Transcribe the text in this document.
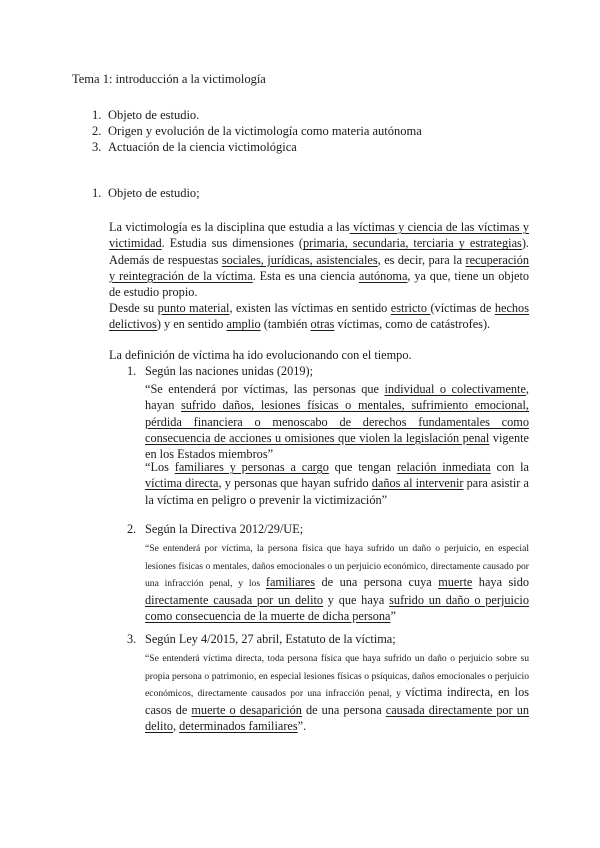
Tema 1: introducción a la victimología
1. Objeto de estudio.
2. Origen y evolución de la victimología como materia autónoma
3. Actuación de la ciencia victimológica
1. Objeto de estudio;
La victimología es la disciplina que estudia a las víctimas y ciencia de las víctimas y victimidad. Estudia sus dimensiones (primaria, secundaria, terciaria y estrategias). Además de respuestas sociales, jurídicas, asistenciales, es decir, para la recuperación y reintegración de la víctima. Esta es una ciencia autónoma, ya que, tiene un objeto de estudio propio.
Desde su punto material, existen las víctimas en sentido estricto (víctimas de hechos delictivos) y en sentido amplio (también otras víctimas, como de catástrofes).
La definición de víctima ha ido evolucionando con el tiempo.
1. Según las naciones unidas (2019);
“Se entenderá por víctimas, las personas que individual o colectivamente, hayan sufrido daños, lesiones físicas o mentales, sufrimiento emocional, pérdida financiera o menoscabo de derechos fundamentales como consecuencia de acciones u omisiones que violen la legislación penal vigente en los Estados miembros”
“Los familiares y personas a cargo que tengan relación inmediata con la víctima directa, y personas que hayan sufrido daños al intervenir para asistir a la víctima en peligro o prevenir la victimización”
2. Según la Directiva 2012/29/UE;
“Se entenderá por víctima, la persona física que haya sufrido un daño o perjuicio, en especial lesiones físicas o mentales, daños emocionales o un perjuicio económico, directamente causado por una infracción penal, y los familiares de una persona cuya muerte haya sido directamente causada por un delito y que haya sufrido un daño o perjuicio como consecuencia de la muerte de dicha persona”
3. Según Ley 4/2015, 27 abril, Estatuto de la víctima;
“Se entenderá víctima directa, toda persona física que haya sufrido un daño o perjuicio sobre su propia persona o patrimonio, en especial lesiones físicas o psíquicas, daños emocionales o perjuicio económicos, directamente causados por una infracción penal, y víctima indirecta, en los casos de muerte o desaparición de una persona causada directamente por un delito, determinados familiares”.
